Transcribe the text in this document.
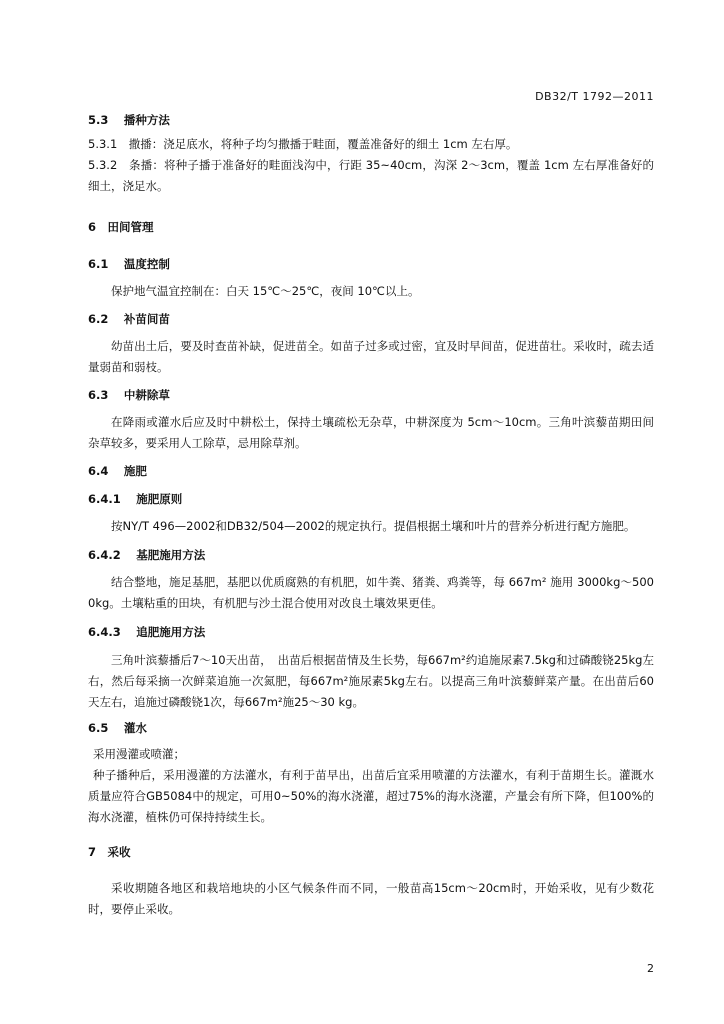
DB32/T 1792—2011
5.3　 播种方法
5.3.1　撒播：浇足底水，将种子均匀撒播于畦面，覆盖准备好的细土 1cm 左右厚。
5.3.2　条播：将种子播于准备好的畦面浅沟中，行距 35~40cm，沟深 2～3cm，覆盖 1cm 左右厚准备好的细土，浇足水。
6　田间管理
6.1　 温度控制
保护地气温宜控制在：白天 15℃～25℃，夜间 10℃以上。
6.2　 补苗间苗
幼苗出土后，要及时查苗补缺，促进苗全。如苗子过多或过密，宜及时早间苗，促进苗壮。采收时，疏去适量弱苗和弱枝。
6.3　 中耕除草
在降雨或灌水后应及时中耕松土，保持土壤疏松无杂草，中耕深度为 5cm～10cm。三角叶滨藜苗期田间杂草较多，要采用人工除草，忌用除草剂。
6.4　 施肥
6.4.1　 施肥原则
按NY/T 496—2002和DB32/504—2002的规定执行。提倡根据土壤和叶片的营养分析进行配方施肥。
6.4.2　 基肥施用方法
结合整地，施足基肥，基肥以优质腐熟的有机肥，如牛粪、猪粪、鸡粪等，每 667m² 施用 3000kg～5000kg。土壤粘重的田块，有机肥与沙土混合使用对改良土壤效果更佳。
6.4.3　 追肥施用方法
三角叶滨藜播后7～10天出苗，　出苗后根据苗情及生长势，每667m²约追施尿素7.5kg和过磷酸铙25kg左右，然后每采摘一次鲜菜追施一次氮肥，每667m²施尿素5kg左右。以提高三角叶滨藜鲜菜产量。在出苗后60天左右，追施过磷酸铙1次，每667m²施25～30 kg。
6.5　 灌水
采用漫灌或喷灌；
种子播种后，采用漫灌的方法灌水，有利于苗早出，出苗后宜采用喷灌的方法灌水，有利于苗期生长。灌溉水质量应符合GB5084中的规定，可用0~50%的海水浇灌，超过75%的海水浇灌，产量会有所下降，但100%的海水浇灌，植株仍可保持持续生长。
7　采收
采收期随各地区和栽培地块的小区气候条件而不同，一般苗高15cm～20cm时，开始采收，见有少数花时，要停止采收。
2
